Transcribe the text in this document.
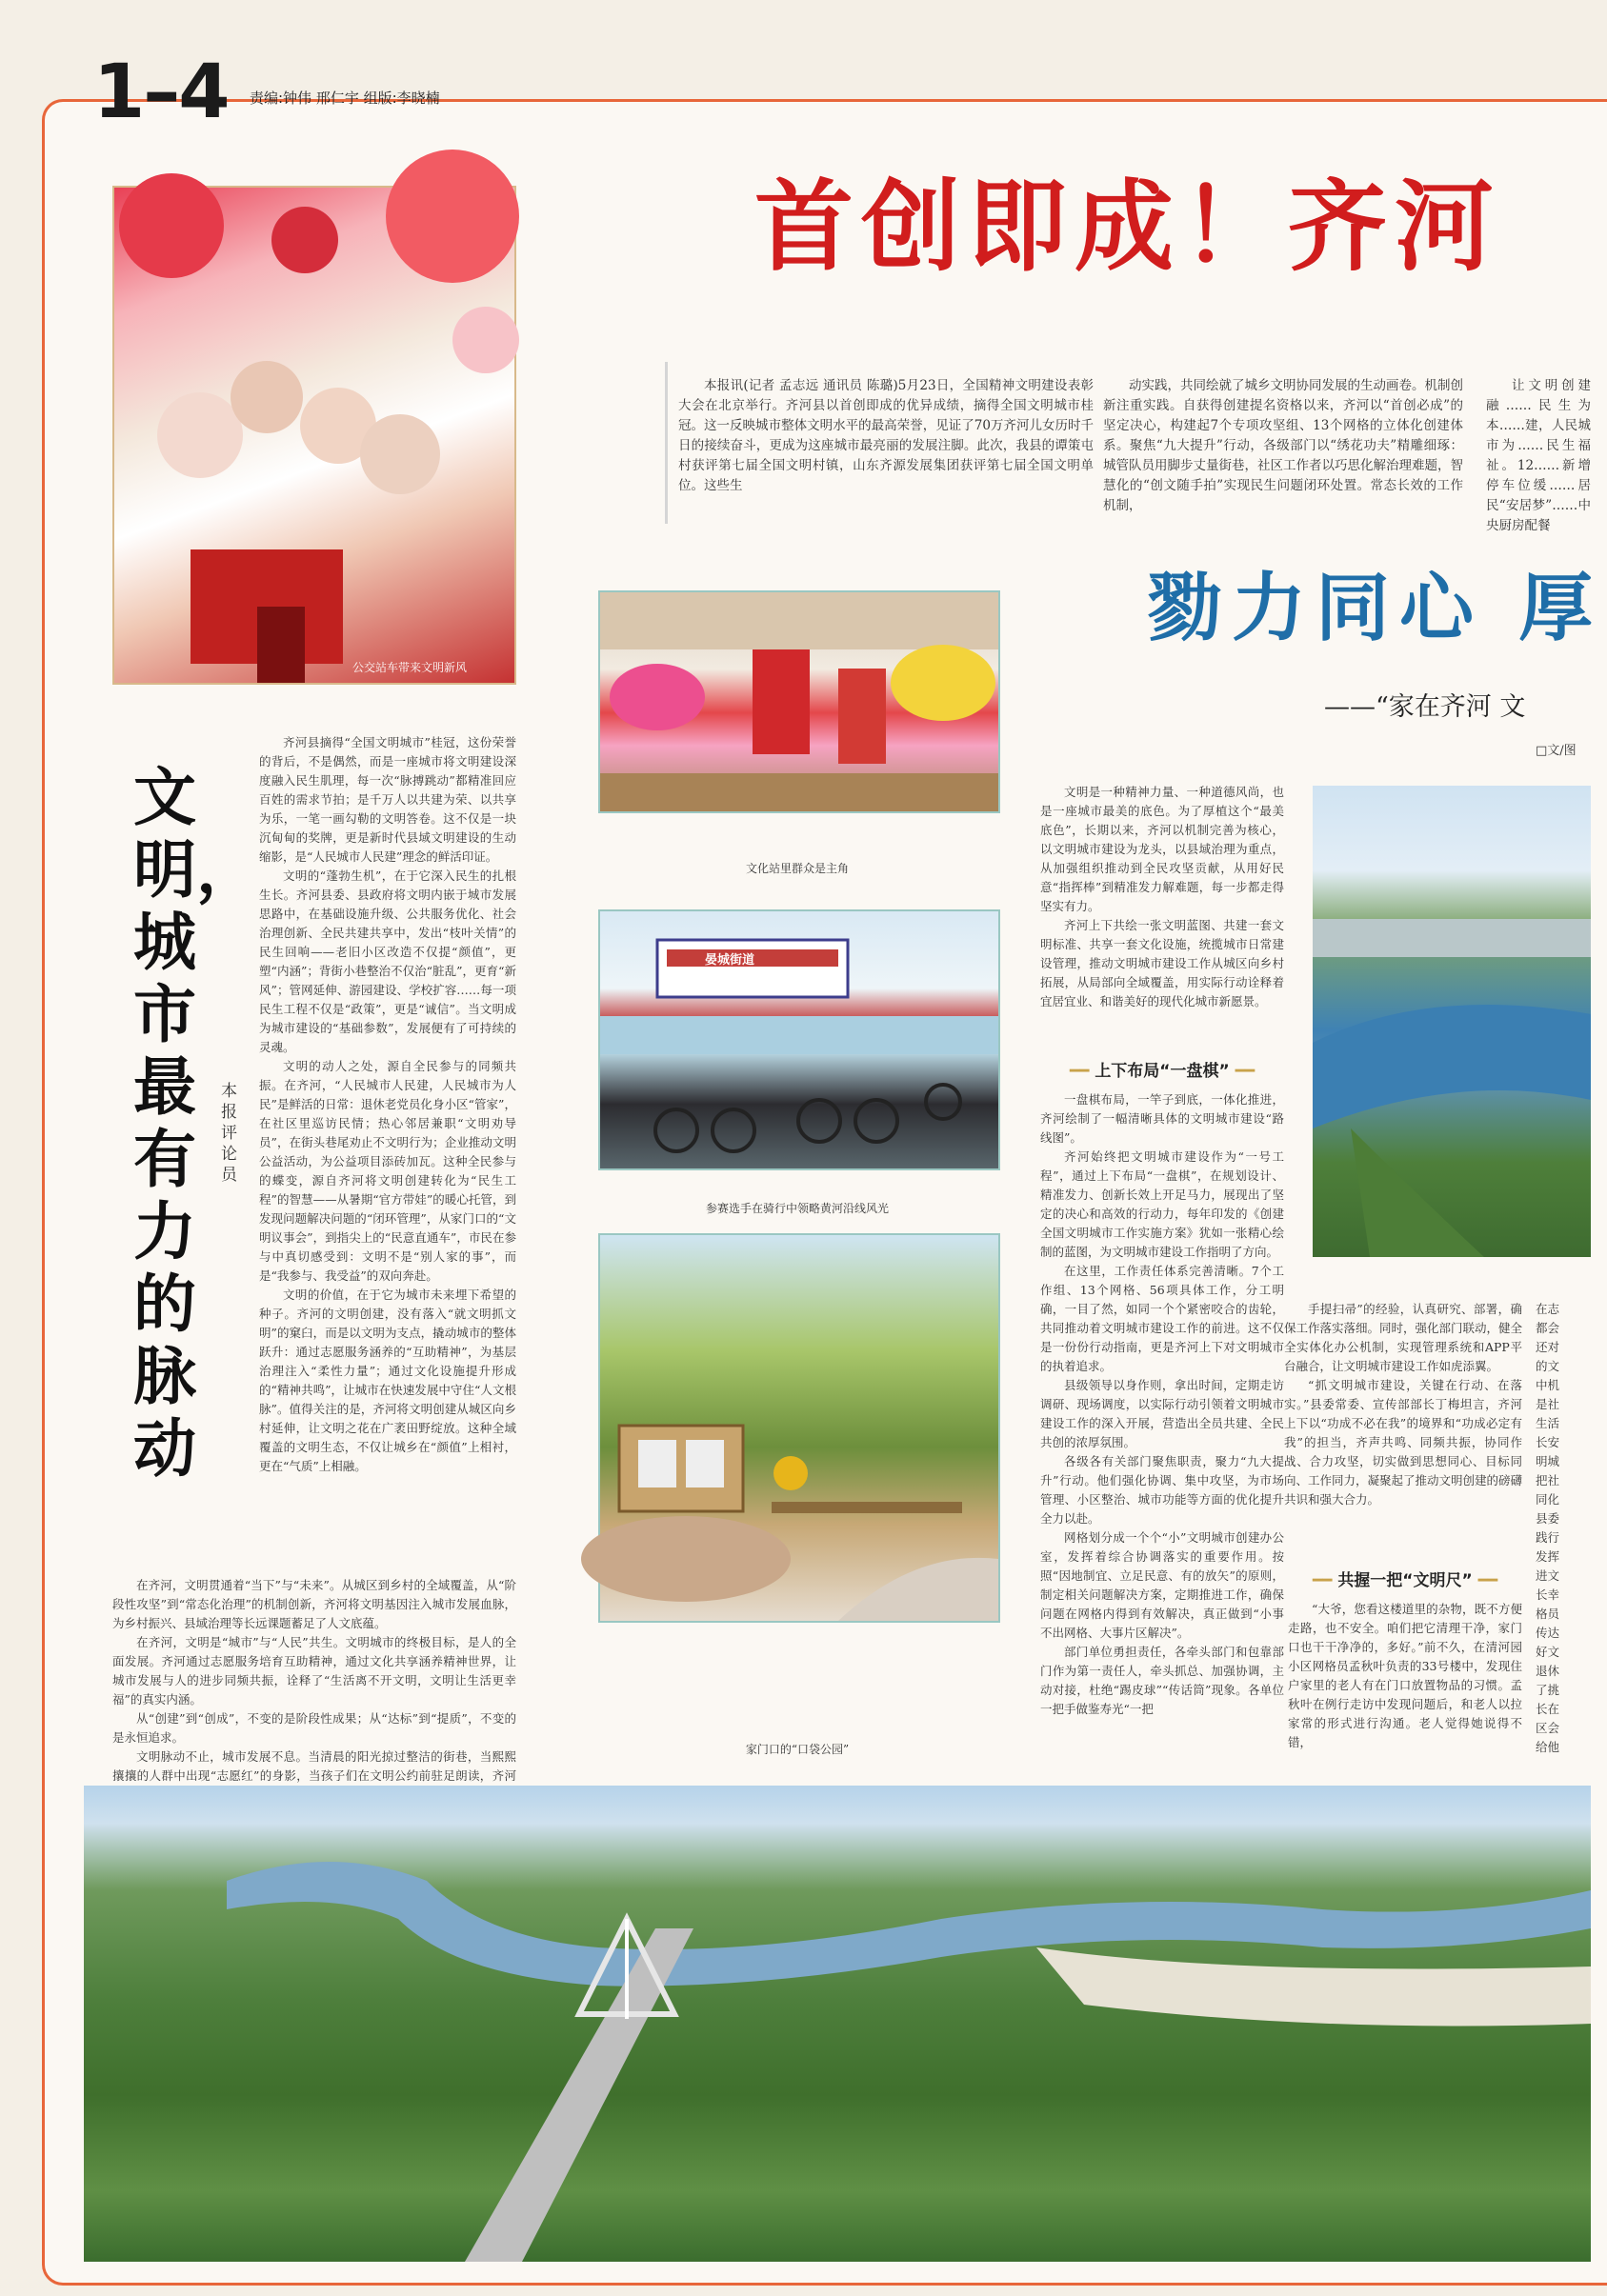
1–4 责编:钟伟 邢仁宇 组版:李晓楠
首创即成！齐河

本报讯(记者 孟志远 通讯员 陈璐)5月23日，全国精神文明建设表彰大会在北京举行。齐河县以首创即成的优异成绩，摘得全国文明城市桂冠。这一反映城市整体文明水平的最高荣誉，见证了70万齐河儿女历时千日的接续奋斗，更成为这座城市最亮丽的发展注脚。此次，我县的谭策屯村获评第七届全国文明村镇，山东齐源发展集团获评第七届全国文明单位。这些生

动实践，共同绘就了城乡文明协同发展的生动画卷。机制创新注重实践。自获得创建提名资格以来，齐河以“首创必成”的坚定决心，构建起7个专项攻坚组、13个网格的立体化创建体系。聚焦“九大提升”行动，各级部门以“绣花功夫”精雕细琢：城管队员用脚步丈量街巷，社区工作者以巧思化解治理难题，智慧化的“创文随手拍”实现民生问题闭环处置。常态长效的工作机制，

让文明创建融……民生为本……建，人民城市为……民生福祉。12……新增停车位缓……居民“安居梦”……中央厨房配餐

公交站车带来文明新风
文明，城市最有力的脉动
本报评论员

齐河县摘得“全国文明城市”桂冠，这份荣誉的背后，不是偶然，而是一座城市将文明建设深度融入民生肌理，每一次“脉搏跳动”都精准回应百姓的需求节拍；是千万人以共建为荣、以共享为乐，一笔一画勾勒的文明答卷。这不仅是一块沉甸甸的奖牌，更是新时代县域文明建设的生动缩影，是“人民城市人民建”理念的鲜活印证。

文明的“蓬勃生机”，在于它深入民生的扎根生长。齐河县委、县政府将文明内嵌于城市发展思路中，在基础设施升级、公共服务优化、社会治理创新、全民共建共享中，发出“枝叶关情”的民生回响——老旧小区改造不仅提“颜值”，更塑“内涵”；背街小巷整治不仅治“脏乱”，更育“新风”；管网延伸、游园建设、学校扩容……每一项民生工程不仅是“政策”，更是“诚信”。当文明成为城市建设的“基础参数”，发展便有了可持续的灵魂。

文明的动人之处，源自全民参与的同频共振。在齐河，“人民城市人民建，人民城市为人民”是鲜活的日常：退休老党员化身小区“管家”，在社区里巡访民情；热心邻居兼职“文明劝导员”，在街头巷尾劝止不文明行为；企业推动文明公益活动，为公益项目添砖加瓦。这种全民参与的蝶变，源自齐河将文明创建转化为“民生工程”的智慧——从暑期“官方带娃”的暖心托管，到发现问题解决问题的“闭环管理”，从家门口的“文明议事会”，到指尖上的“民意直通车”，市民在参与中真切感受到：文明不是“别人家的事”，而是“我参与、我受益”的双向奔赴。

文明的价值，在于它为城市未来埋下希望的种子。齐河的文明创建，没有落入“就文明抓文明”的窠臼，而是以文明为支点，撬动城市的整体跃升：通过志愿服务涵养的“互助精神”，为基层治理注入“柔性力量”；通过文化设施提升形成的“精神共鸣”，让城市在快速发展中守住“人文根脉”。值得关注的是，齐河将文明创建从城区向乡村延伸，让文明之花在广袤田野绽放。这种全域覆盖的文明生态，不仅让城乡在“颜值”上相衬，更在“气质”上相融。

在齐河，文明贯通着“当下”与“未来”。从城区到乡村的全域覆盖，从“阶段性攻坚”到“常态化治理”的机制创新，齐河将文明基因注入城市发展血脉，为乡村振兴、县域治理等长远课题蓄足了人文底蕴。

在齐河，文明是“城市”与“人民”共生。文明城市的终极目标，是人的全面发展。齐河通过志愿服务培育互助精神，通过文化共享涵养精神世界，让城市发展与人的进步同频共振，诠释了“生活离不开文明，文明让生活更幸福”的真实内涵。

从“创建”到“创成”，不变的是阶段性成果；从“达标”到“提质”，不变的是永恒追求。

文明脉动不止，城市发展不息。当清晨的阳光掠过整洁的街巷，当熙熙攘攘的人群中出现“志愿红”的身影，当孩子们在文明公约前驻足朗读，齐河

文化站里群众是主角
晏城街道
参赛选手在骑行中领略黄河沿线风光
家门口的“口袋公园”
勠力同心 厚
——“家在齐河 文
□文/图

文明是一种精神力量、一种道德风尚，也是一座城市最美的底色。为了厚植这个“最美底色”，长期以来，齐河以机制完善为核心，以文明城市建设为龙头，以县域治理为重点，从加强组织推动到全民攻坚贡献，从用好民意“指挥棒”到精准发力解难题，每一步都走得坚实有力。

齐河上下共绘一张文明蓝图、共建一套文明标准、共享一套文化设施，统揽城市日常建设管理，推动文明城市建设工作从城区向乡村拓展，从局部向全域覆盖，用实际行动诠释着宜居宜业、和谐美好的现代化城市新愿景。

━━ 上下布局“一盘棋” ━━

一盘棋布局，一竿子到底，一体化推进，齐河绘制了一幅清晰具体的文明城市建设“路线图”。

齐河始终把文明城市建设作为“一号工程”，通过上下布局“一盘棋”，在规划设计、精准发力、创新长效上开足马力，展现出了坚定的决心和高效的行动力，每年印发的《创建全国文明城市工作实施方案》犹如一张精心绘制的蓝图，为文明城市建设工作指明了方向。

在这里，工作责任体系完善清晰。7个工作组、13个网格、56项具体工作，分工明确，一目了然，如同一个个紧密咬合的齿轮，共同推动着文明城市建设工作的前进。这不仅是一份份行动指南，更是齐河上下对文明城市的执着追求。

县级领导以身作则，拿出时间，定期走访调研、现场调度，以实际行动引领着文明城市建设工作的深入开展，营造出全员共建、全民共创的浓厚氛围。

各级各有关部门聚焦职责，聚力“九大提升”行动。他们强化协调、集中攻坚，为市场管理、小区整治、城市功能等方面的优化提升全力以赴。

网格划分成一个个“小”文明城市创建办公室，发挥着综合协调落实的重要作用。按照“因地制宜、立足民意、有的放矢”的原则，制定相关问题解决方案，定期推进工作，确保问题在网格内得到有效解决，真正做到“小事不出网格、大事片区解决”。

部门单位勇担责任，各牵头部门和包靠部门作为第一责任人，牵头抓总、加强协调，主动对接，杜绝“踢皮球”“传话筒”现象。各单位一把手做鉴寿光“一把

手提扫帚”的经验，认真研究、部署，确保工作落实落细。同时，强化部门联动，健全全实体化办公机制，实现管理系统和APP平台融合，让文明城市建设工作如虎添翼。

“抓文明城市建设，关键在行动、在落实。”县委常委、宣传部部长丁梅坦言，齐河上下以“功成不必在我”的境界和“功成必定有我”的担当，齐声共鸣、同频共振，协同作战、合力攻坚，切实做到思想同心、目标同向、工作同力，凝聚起了推动文明创建的磅礴共识和强大合力。

━━ 共握一把“文明尺” ━━

“大爷，您看这楼道里的杂物，既不方便走路，也不安全。咱们把它清理干净，家门口也干干净净的，多好。”前不久，在清河园小区网格员孟秋叶负责的33号楼中，发现住户家里的老人有在门口放置物品的习惯。孟秋叶在例行走访中发现问题后，和老人以拉家常的形式进行沟通。老人觉得她说得不错，

在志
都会
还对
的文
中机
是社
生活
长安
明城
把社
同化
县委
践行
发挥
进文
长幸
格员
传达
好文
退休
了挑
长在
区会
给他
